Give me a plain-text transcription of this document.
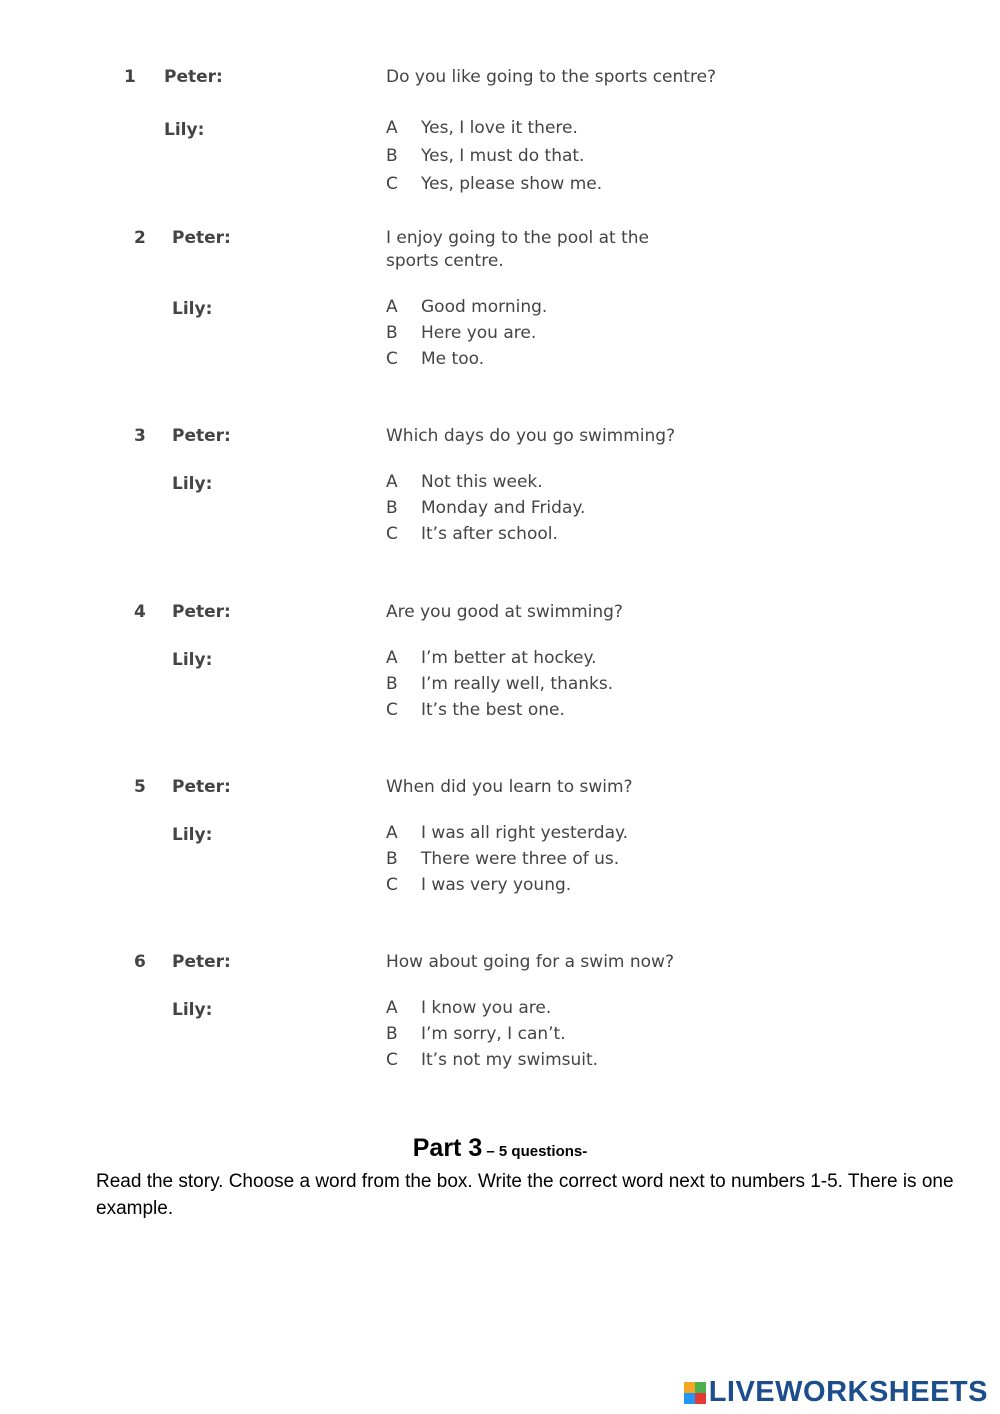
1 Peter:	Do you like going to the sports centre?
Lily:	A Yes, I love it there.
B Yes, I must do that.
C Yes, please show me.
2 Peter:	I enjoy going to the pool at the sports centre.
Lily:	A Good morning.
B Here you are.
C Me too.
3 Peter:	Which days do you go swimming?
Lily:	A Not this week.
B Monday and Friday.
C It’s after school.
4 Peter:	Are you good at swimming?
Lily:	A I’m better at hockey.
B I’m really well, thanks.
C It’s the best one.
5 Peter:	When did you learn to swim?
Lily:	A I was all right yesterday.
B There were three of us.
C I was very young.
6 Peter:	How about going for a swim now?
Lily:	A I know you are.
B I’m sorry, I can’t.
C It’s not my swimsuit.
Part 3 – 5 questions-
Read the story. Choose a word from the box. Write the correct word next to numbers 1-5. There is one example.
LIVEWORKSHEETS
